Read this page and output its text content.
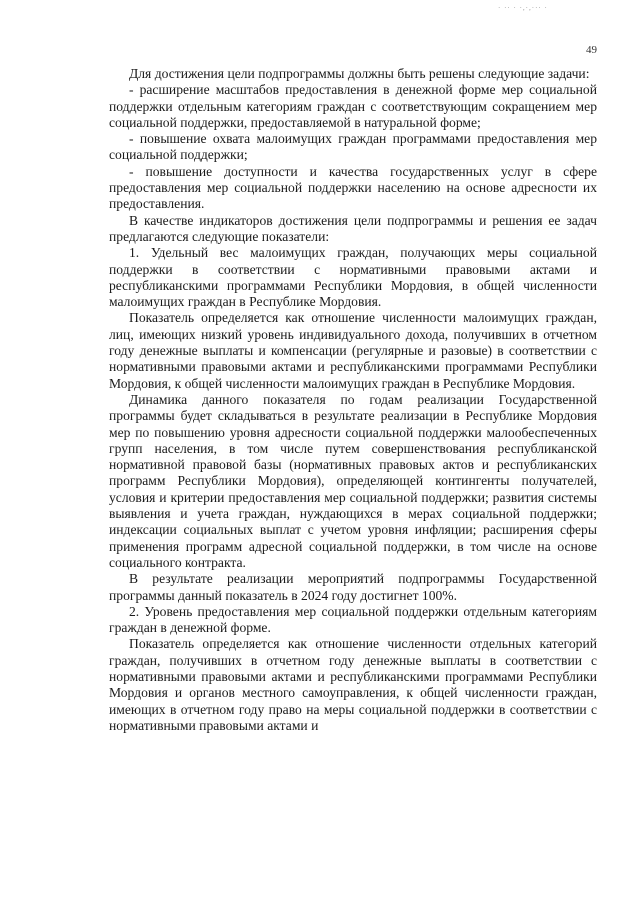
· ·· · ·,·,··· ·
49

Для достижения цели подпрограммы должны быть решены следующие задачи:

- расширение масштабов предоставления в денежной форме мер социальной поддержки отдельным категориям граждан с соответствующим сокращением мер социальной поддержки, предоставляемой в натуральной форме;

- повышение охвата малоимущих граждан программами предоставления мер социальной поддержки;

- повышение доступности и качества государственных услуг в сфере предоставления мер социальной поддержки населению на основе адресности их предоставления.

В качестве индикаторов достижения цели подпрограммы и решения ее задач предлагаются следующие показатели:

1. Удельный вес малоимущих граждан, получающих меры социальной поддержки в соответствии с нормативными правовыми актами и республиканскими программами Республики Мордовия, в общей численности малоимущих граждан в Республике Мордовия.

Показатель определяется как отношение численности малоимущих граждан, лиц, имеющих низкий уровень индивидуального дохода, получивших в отчетном году денежные выплаты и компенсации (регулярные и разовые) в соответствии с нормативными правовыми актами и республиканскими программами Республики Мордовия, к общей численности малоимущих граждан в Республике Мордовия.

Динамика данного показателя по годам реализации Государственной программы будет складываться в результате реализации в Республике Мордовия мер по повышению уровня адресности социальной поддержки малообеспеченных групп населения, в том числе путем совершенствования республиканской нормативной правовой базы (нормативных правовых актов и республиканских программ Республики Мордовия), определяющей контингенты получателей, условия и критерии предоставления мер социальной поддержки; развития системы выявления и учета граждан, нуждающихся в мерах социальной поддержки; индексации социальных выплат с учетом уровня инфляции; расширения сферы применения программ адресной социальной поддержки, в том числе на основе социального контракта.

В результате реализации мероприятий подпрограммы Государственной программы данный показатель в 2024 году достигнет 100%.

2. Уровень предоставления мер социальной поддержки отдельным категориям граждан в денежной форме.

Показатель определяется как отношение численности отдельных категорий граждан, получивших в отчетном году денежные выплаты в соответствии с нормативными правовыми актами и республиканскими программами Республики Мордовия и органов местного самоуправления, к общей численности граждан, имеющих в отчетном году право на меры социальной поддержки в соответствии с нормативными правовыми актами и
